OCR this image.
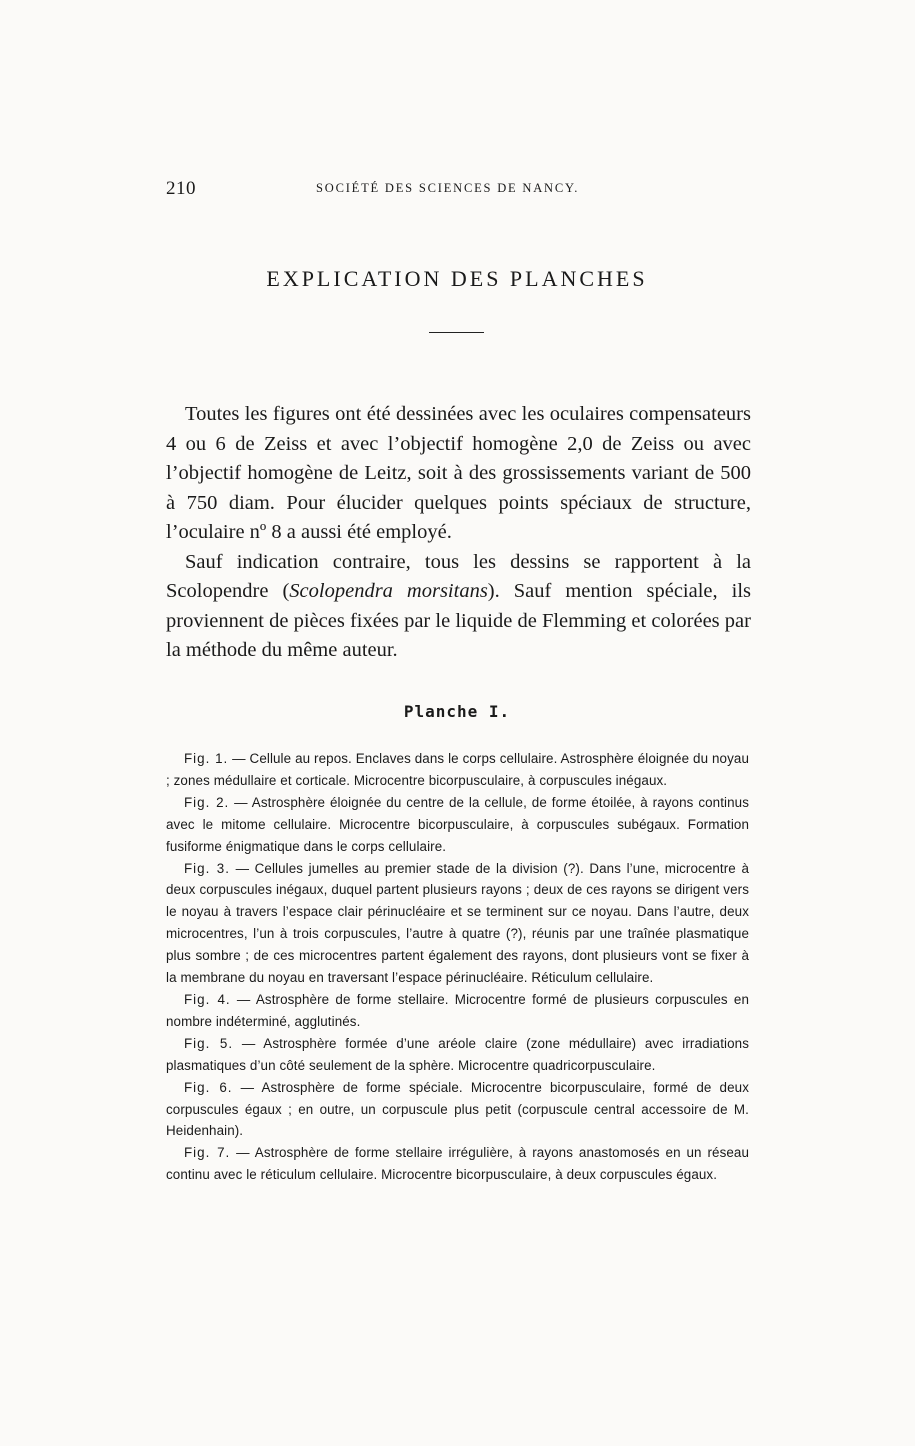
210	SOCIÉTÉ DES SCIENCES DE NANCY.
EXPLICATION DES PLANCHES

Toutes les figures ont été dessinées avec les oculaires compensateurs 4 ou 6 de Zeiss et avec l’objectif homogène 2,0 de Zeiss ou avec l’objectif homogène de Leitz, soit à des grossissements variant de 500 à 750 diam. Pour élucider quelques points spéciaux de structure, l’oculaire nº 8 a aussi été employé.

Sauf indication contraire, tous les dessins se rapportent à la Scolopendre (Scolopendra morsitans). Sauf mention spéciale, ils proviennent de pièces fixées par le liquide de Flemming et colorées par la méthode du même auteur.

Planche I.

Fig. 1. — Cellule au repos. Enclaves dans le corps cellulaire. Astrosphère éloignée du noyau ; zones médullaire et corticale. Microcentre bicorpusculaire, à corpuscules inégaux.

Fig. 2. — Astrosphère éloignée du centre de la cellule, de forme étoilée, à rayons continus avec le mitome cellulaire. Microcentre bicorpusculaire, à corpuscules subégaux. Formation fusiforme énigmatique dans le corps cellulaire.

Fig. 3. — Cellules jumelles au premier stade de la division (?). Dans l’une, microcentre à deux corpuscules inégaux, duquel partent plusieurs rayons ; deux de ces rayons se dirigent vers le noyau à travers l’espace clair périnucléaire et se terminent sur ce noyau. Dans l’autre, deux microcentres, l’un à trois corpuscules, l’autre à quatre (?), réunis par une traînée plasmatique plus sombre ; de ces microcentres partent également des rayons, dont plusieurs vont se fixer à la membrane du noyau en traversant l’espace périnucléaire. Réticulum cellulaire.

Fig. 4. — Astrosphère de forme stellaire. Microcentre formé de plusieurs corpuscules en nombre indéterminé, agglutinés.

Fig. 5. — Astrosphère formée d’une aréole claire (zone médullaire) avec irradiations plasmatiques d’un côté seulement de la sphère. Microcentre quadricorpusculaire.

Fig. 6. — Astrosphère de forme spéciale. Microcentre bicorpusculaire, formé de deux corpuscules égaux ; en outre, un corpuscule plus petit (corpuscule central accessoire de M. Heidenhain).

Fig. 7. — Astrosphère de forme stellaire irrégulière, à rayons anastomosés en un réseau continu avec le réticulum cellulaire. Microcentre bicorpusculaire, à deux corpuscules égaux.
